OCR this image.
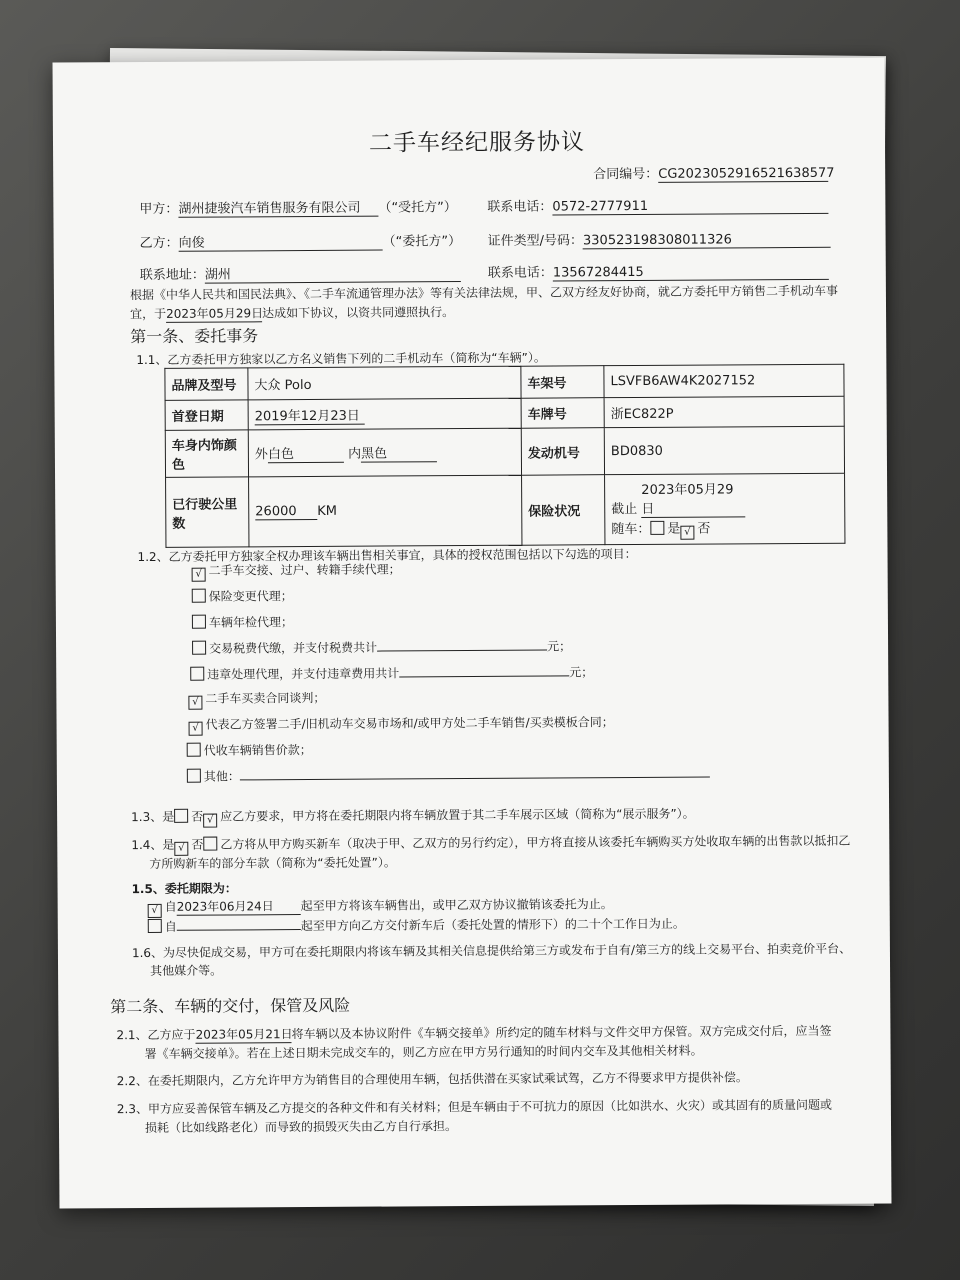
二手车经纪服务协议
合同编号：CG2023052916521638577
甲方：湖州捷骏汽车销售服务有限公司 （“受托方”） 联系电话：0572-2777911
乙方：向俊	（“委托方”） 证件类型/号码：330523198308011326
联系地址：湖州	联系电话：13567284415
根据《中华人民共和国民法典》、《二手车流通管理办法》等有关法律法规，甲、乙双方经友好协商，就乙方委托甲方销售二手机动车事
宜，于2023年05月29日达成如下协议，以资共同遵照执行。
第一条、委托事务
1.1、乙方委托甲方独家以乙方名义销售下列的二手机动车（简称为“车辆”）。
品牌及型号	大众 Polo	车架号	LSVFB6AW4K2027152
首登日期	2019年12月23日	车牌号	浙EC822P
车身内饰颜色	外白色 内黑色	发动机号	BD0830
已行驶公里数	26000 KM	保险状况	截止 2023年05月29日
随车： 是 √ 否
1.2、乙方委托甲方独家全权办理该车辆出售相关事宜，具体的授权范围包括以下勾选的项目：
√ 二手车交接、过户、转籍手续代理；
保险变更代理；
车辆年检代理；
交易税费代缴，并支付税费共计	元；
违章处理代理，并支付违章费用共计	元；
√ 二手车买卖合同谈判；
√ 代表乙方签署二手/旧机动车交易市场和/或甲方处二手车销售/买卖模板合同；
代收车辆销售价款；
其他：
1.3、是 否 √ 应乙方要求，甲方将在委托期限内将车辆放置于其二手车展示区域（简称为“展示服务”）。
1.4、是 √ 否 乙方将从甲方购买新车（取决于甲、乙双方的另行约定），甲方将直接从该委托车辆购买方处收取车辆的出售款以抵扣乙
方所购新车的部分车款（简称为“委托处置”）。
1.5、委托期限为：
√ 自2023年06月24日 起至甲方将该车辆售出，或甲乙双方协议撤销该委托为止。
自	起至甲方向乙方交付新车后（委托处置的情形下）的二十个工作日为止。
1.6、为尽快促成交易，甲方可在委托期限内将该车辆及其相关信息提供给第三方或发布于自有/第三方的线上交易平台、拍卖竞价平台、
其他媒介等。
第二条、车辆的交付，保管及风险
2.1、乙方应于2023年05月21日将车辆以及本协议附件《车辆交接单》所约定的随车材料与文件交甲方保管。双方完成交付后，应当签
署《车辆交接单》。若在上述日期未完成交车的，则乙方应在甲方另行通知的时间内交车及其他相关材料。
2.2、在委托期限内，乙方允许甲方为销售目的合理使用车辆，包括供潜在买家试乘试驾，乙方不得要求甲方提供补偿。
2.3、甲方应妥善保管车辆及乙方提交的各种文件和有关材料；但是车辆由于不可抗力的原因（比如洪水、火灾）或其固有的质量问题或
损耗（比如线路老化）而导致的损毁灭失由乙方自行承担。
